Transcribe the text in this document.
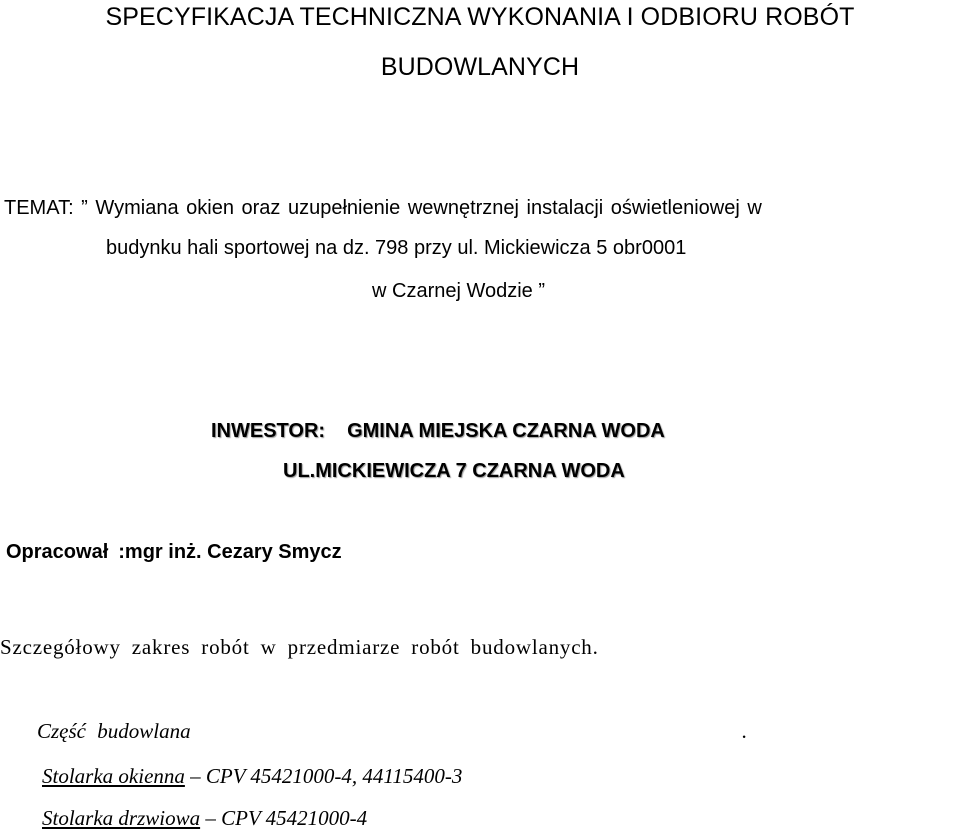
SPECYFIKACJA TECHNICZNA WYKONANIA I ODBIORU ROBÓT
BUDOWLANYCH

TEMAT: ” Wymiana okien oraz uzupełnienie wewnętrznej instalacji oświetleniowej w

budynku hali sportowej na dz. 798 przy ul. Mickiewicza 5 obr0001

w Czarnej Wodzie ”

INWESTOR: GMINA MIEJSKA CZARNA WODA

UL.MICKIEWICZA 7 CZARNA WODA

Opracował :mgr inż. Cezary Smycz

Szczegółowy zakres robót w przedmiarze robót budowlanych.

Część budowlana	.

Stolarka okienna – CPV 45421000-4, 44115400-3

Stolarka drzwiowa – CPV 45421000-4
